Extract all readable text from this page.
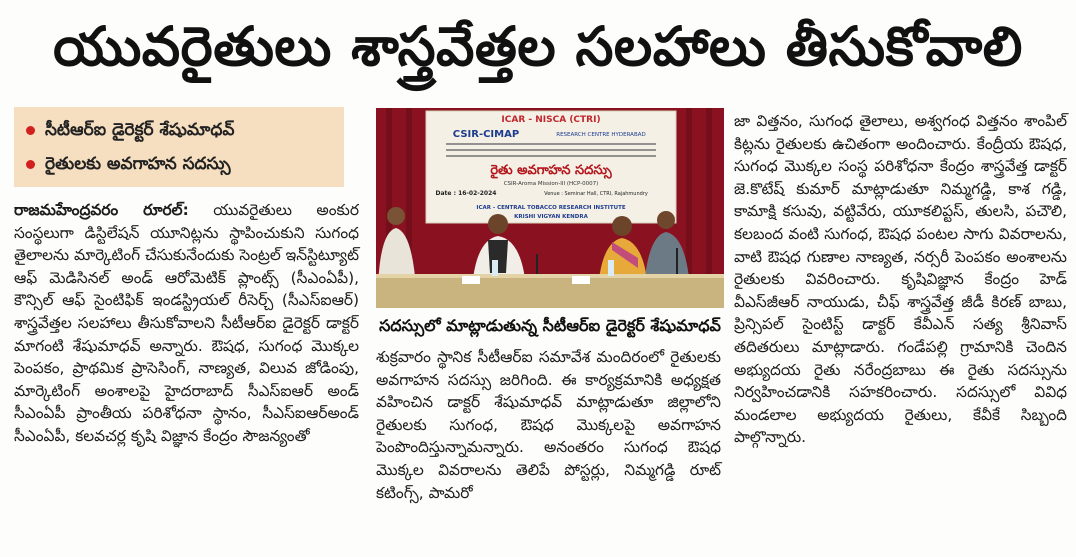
యువరైతులు శాస్త్రవేత్తల సలహాలు తీసుకోవాలి
సీటీఆర్‌ఐ డైరెక్టర్‌ శేషుమాధవ్‌
రైతులకు అవగాహన సదస్సు

రాజమహేంద్రవరం రూరల్‌: యువరైతులు అంకుర సంస్థలుగా డిస్టిలేషన్‌ యూనిట్లను స్థాపించుకుని సుగంధ తైలాలను మార్కెటింగ్‌ చేసుకునేందుకు సెంట్రల్‌ ఇన్‌స్టిట్యూట్‌ ఆఫ్‌ మెడిసినల్‌ అండ్‌ ఆరోమెటిక్‌ ప్లాంట్స్‌ (సీఎంఏపీ), కౌన్సిల్‌ ఆఫ్‌ సైంటిఫిక్‌ ఇండస్ట్రియల్‌ రీసెర్చ్‌ (సీఎస్‌ఐఆర్‌) శాస్త్రవేత్తల సలహాలు తీసుకోవాలని సీటీఆర్‌ఐ డైరెక్టర్‌ డాక్టర్‌ మాగంటి శేషుమాధవ్‌ అన్నారు. ఔషధ, సుగంధ మొక్కల పెంపకం, ప్రాథమిక ప్రాసెసింగ్‌, నాణ్యత, విలువ జోడింపు, మార్కెటింగ్‌ అంశాలపై హైదరాబాద్‌ సీఎస్‌ఐఆర్‌ అండ్‌ సీఎంఏపీ ప్రాంతీయ పరిశోధనా స్థానం, సీఎస్‌ఐఆర్‌అండ్‌ సీఎంఏపీ, కలవచర్ల కృషి విజ్ఞాన కేంద్రం సౌజన్యంతో

ICAR - NISCA (CTRI)
CSIR-CIMAP	RESEARCH CENTRE HYDERABAD
రైతు అవగాహన సదస్సు
CSIR-Aroma Mission-III (HCP-0007)
Date : 16-02-2024	Venue : Seminar Hall, CTRI, Rajahmundry
ICAR - CENTRAL TOBACCO RESEARCH INSTITUTE
KRISHI VIGYAN KENDRA
సదస్సులో మాట్లాడుతున్న సీటీఆర్‌ఐ డైరెక్టర్‌ శేషుమాధవ్‌

శుక్రవారం స్థానిక సీటీఆర్‌ఐ సమావేశ మందిరంలో రైతులకు అవగాహన సదస్సు జరిగింది. ఈ కార్యక్రమానికి అధ్యక్షత వహించిన డాక్టర్‌ శేషుమాధవ్‌ మాట్లాడుతూ జిల్లాలోని రైతులకు సుగంధ, ఔషధ మొక్కలపై అవగాహన పెంపొందిస్తున్నామన్నారు. అనంతరం సుగంధ ఔషధ మొక్కల వివరాలను తెలిపే పోస్టర్లు, నిమ్మగడ్డి రూట్‌ కటింగ్స్‌, పామరో

జా విత్తనం, సుగంధ తైలాలు, అశ్వగంధ విత్తనం శాంపిల్‌ కిట్లను రైతులకు ఉచితంగా అందించారు. కేంద్రీయ ఔషధ, సుగంధ మొక్కల సంస్థ పరిశోధనా కేంద్రం శాస్త్రవేత్త డాక్టర్‌ జె.కొటేష్‌ కుమార్‌ మాట్లాడుతూ నిమ్మగడ్డి, కాశ గడ్డి, కామాక్షి కసువు, వట్టివేరు, యూకలిప్టస్‌, తులసి, పచౌలి, కలబంద వంటి సుగంధ, ఔషధ పంటల సాగు వివరాలను, వాటి ఔషధ గుణాల నాణ్యత, నర్సరీ పెంపకం అంశాలను రైతులకు వివరించారు. కృషివిజ్ఞాన కేంద్రం హెడ్‌ వీఎస్‌జీఆర్‌ నాయుడు, చీఫ్‌ శాస్త్రవేత్త జీడీ కిరణ్‌ బాబు, ప్రిన్సిపల్‌ సైంటిస్ట్‌ డాక్టర్‌ కేవీఎన్‌ సత్య శ్రీనివాస్‌ తదితరులు మాట్లాడారు. గండేపల్లి గ్రామానికి చెందిన అభ్యుదయ రైతు నరేంద్రబాబు ఈ రైతు సదస్సును నిర్వహించడానికి సహకరించారు. సదస్సులో వివిధ మండలాల అభ్యుదయ రైతులు, కేవీకే సిబ్బంది పాల్గొన్నారు.
